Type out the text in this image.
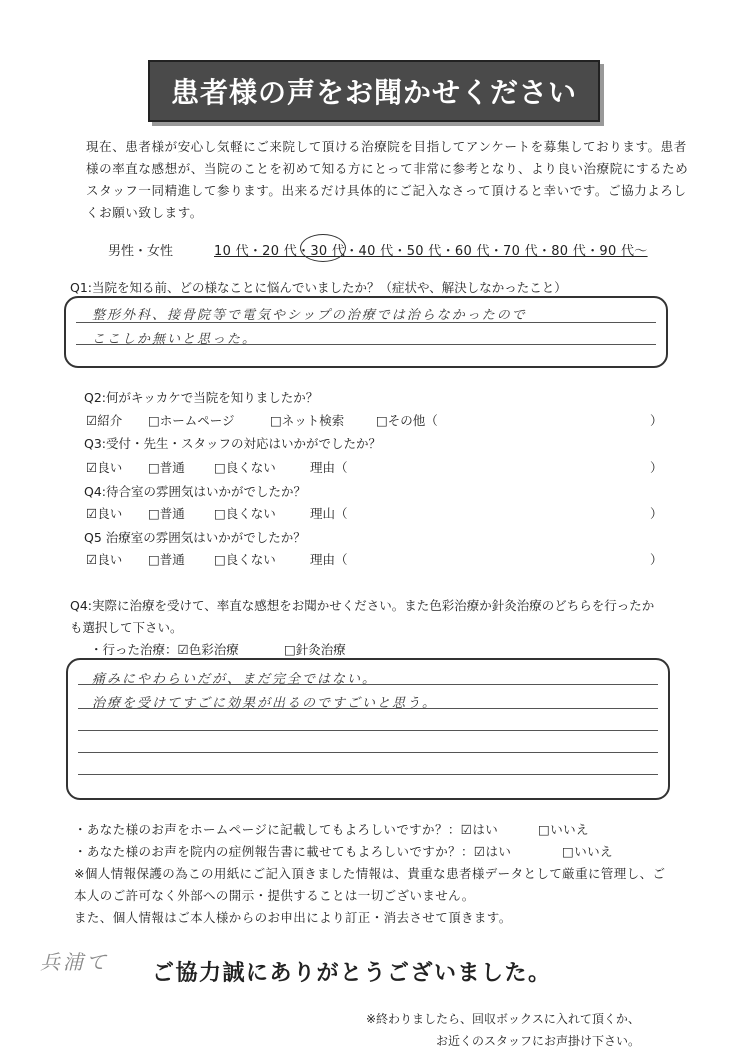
患者様の声をお聞かせください
現在、患者様が安心し気軽にご来院して頂ける治療院を目指してアンケートを募集しております。患者
様の率直な感想が、当院のことを初めて知る方にとって非常に参考となり、より良い治療院にするため
スタッフ一同精進して参ります。出来るだけ具体的にご記入なさって頂けると幸いです。ご協力よろし
くお願い致します。
男性・女性	10 代・20 代・30 代・40 代・50 代・60 代・70 代・80 代・90 代～
Q1:当院を知る前、どの様なことに悩んでいましたか？（症状や、解決しなかったこと）
整形外科、接骨院等で電気やシップの治療では治らなかったので
ここしか無いと思った。
Q2:何がキッカケで当院を知りましたか？
☑紹介 □ホームページ	□ネット検索	□その他（	）
Q3:受付・先生・スタッフの対応はいかがでしたか？
☑良い □普通 □良くない	理由（	）
Q4:待合室の雰囲気はいかがでしたか？
☑良い □普通 □良くない	理山（	）
Q5 治療室の雰囲気はいかがでしたか？
☑良い □普通 □良くない	理由（	）
Q4:実際に治療を受けて、率直な感想をお聞かせください。また色彩治療か針灸治療のどちらを行ったか
も選択して下さい。
・行った治療：☑色彩治療	□針灸治療
痛みにやわらいだが、まだ完全ではない。
治療を受けてすごに効果が出るのですごいと思う。
・あなた様のお声をホームページに記載してもよろしいですか？：☑はい	□いいえ
・あなた様のお声を院内の症例報告書に載せてもよろしいですか？：☑はい	□いいえ
※個人情報保護の為この用紙にご記入頂きました情報は、貴重な患者様データとして厳重に管理し、ご
本人のご許可なく外部への開示・提供することは一切ございません。
また、個人情報はご本人様からのお申出により訂正・消去させて頂きます。
兵浦て ご協力誠にありがとうございました。
※終わりましたら、回収ボックスに入れて頂くか、
お近くのスタッフにお声掛け下さい。
